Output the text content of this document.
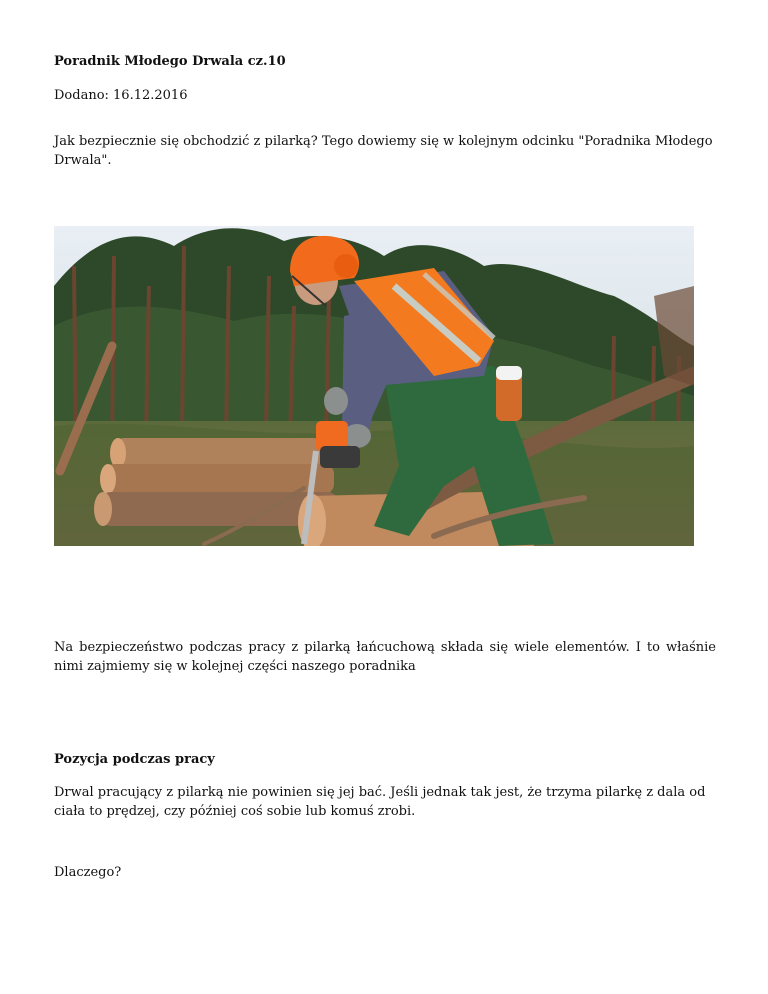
Poradnik Młodego Drwala cz.10

Dodano: 16.12.2016

Jak bezpiecznie się obchodzić z pilarką? Tego dowiemy się w kolejnym odcinku "Poradnika Młodego Drwala".

Na bezpieczeństwo podczas pracy z pilarką łańcuchową składa się wiele elementów. I to właśnie nimi zajmiemy się w kolejnej części naszego poradnika

Pozycja podczas pracy

Drwal pracujący z pilarką nie powinien się jej bać. Jeśli jednak tak jest, że trzyma pilarkę z dala od ciała to prędzej, czy później coś sobie lub komuś zrobi.

Dlaczego?
